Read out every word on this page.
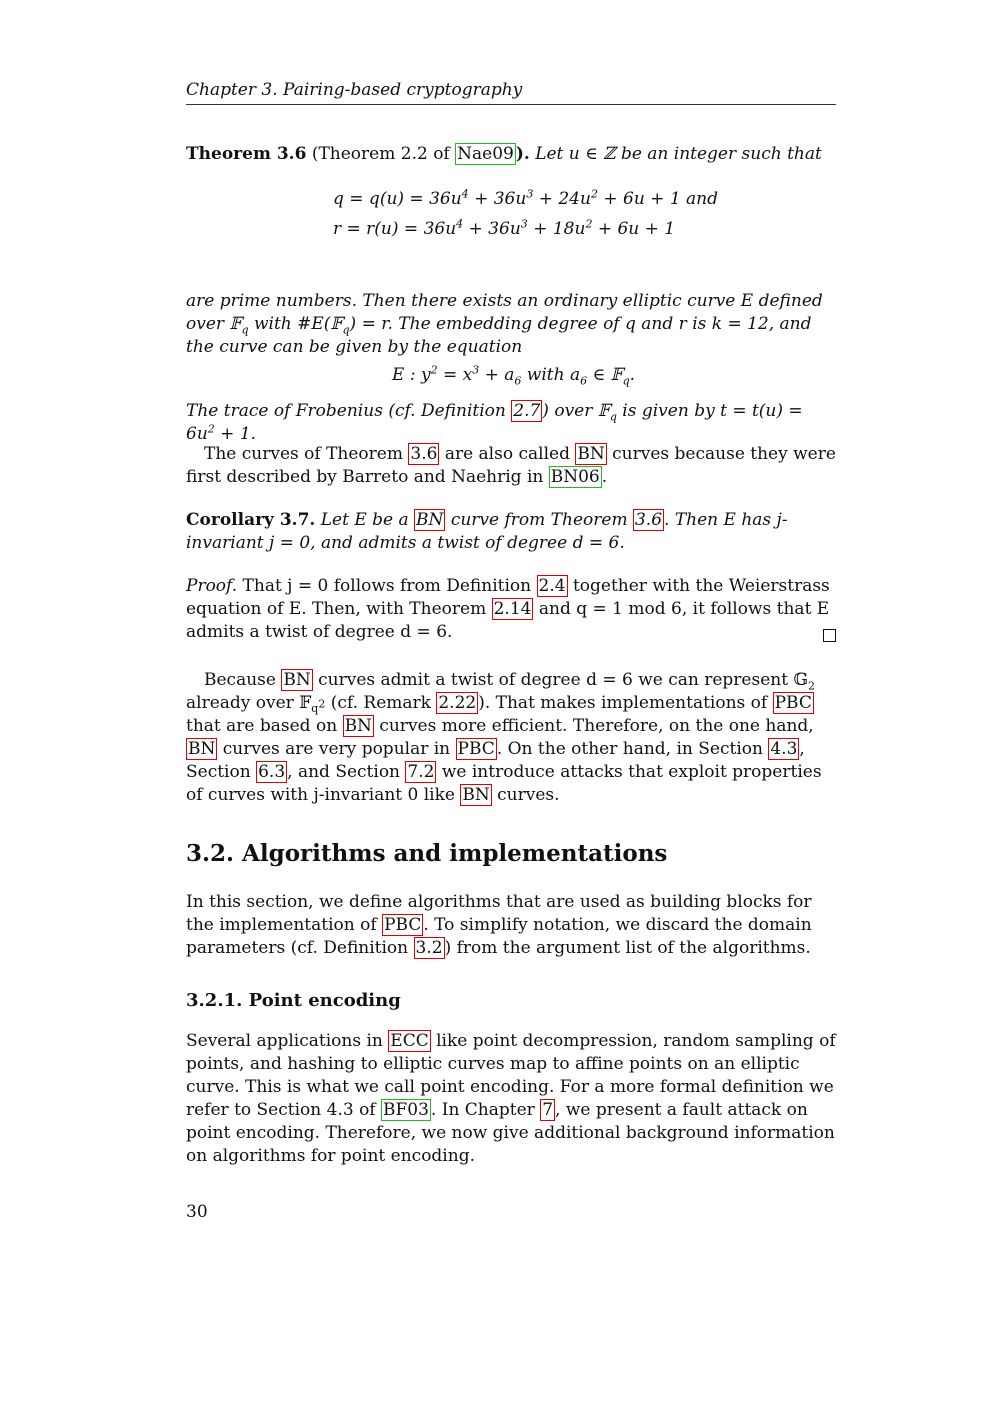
Chapter 3. Pairing-based cryptography
Theorem 3.6 (Theorem 2.2 of Nae09 ). Let u ∈ ℤ be an integer such that
$q = q(u) = 36u^4 + 36u^3 + 24u^2 + 6u + 1$ and
$r = r(u) = 36u^4 + 36u^3 + 18u^2 + 6u + 1$
are prime numbers. Then there exists an ordinary elliptic curve E defined over 𝔽$_q$ with #E(𝔽$_q$) = r. The embedding degree of q and r is k = 12, and the curve can be given by the equation
E : $y^2 = x^3 + a_6$ with $a_6$ ∈ 𝔽$_q$.
The trace of Frobenius (cf. Definition 2.7 ) over 𝔽$_q$ is given by $t = t(u) = 6u^2 + 1$.
The curves of Theorem 3.6 are also called BN curves because they were first described by Barreto and Naehrig in BN06 .
Corollary 3.7. Let E be a BN curve from Theorem 3.6 . Then E has j-invariant j = 0, and admits a twist of degree d = 6.
Proof. That j = 0 follows from Definition 2.4 together with the Weierstrass equation of E. Then, with Theorem 2.14 and q = 1 mod 6, it follows that E admits a twist of degree d = 6.
Because BN curves admit a twist of degree d = 6 we can represent 𝔾$_2$ already over 𝔽$_{q^2}$ (cf. Remark 2.22 ). That makes implementations of PBC that are based on BN curves more efficient. Therefore, on the one hand, BN curves are very popular in PBC . On the other hand, in Section 4.3 , Section 6.3 , and Section 7.2 we introduce attacks that exploit properties of curves with j-invariant 0 like BN curves.
3.2. Algorithms and implementations
In this section, we define algorithms that are used as building blocks for the implementation of PBC . To simplify notation, we discard the domain parameters (cf. Definition 3.2 ) from the argument list of the algorithms.
3.2.1. Point encoding
Several applications in ECC like point decompression, random sampling of points, and hashing to elliptic curves map to affine points on an elliptic curve. This is what we call point encoding. For a more formal definition we refer to Section 4.3 of BF03 . In Chapter 7 , we present a fault attack on point encoding. Therefore, we now give additional background information on algorithms for point encoding.
30
